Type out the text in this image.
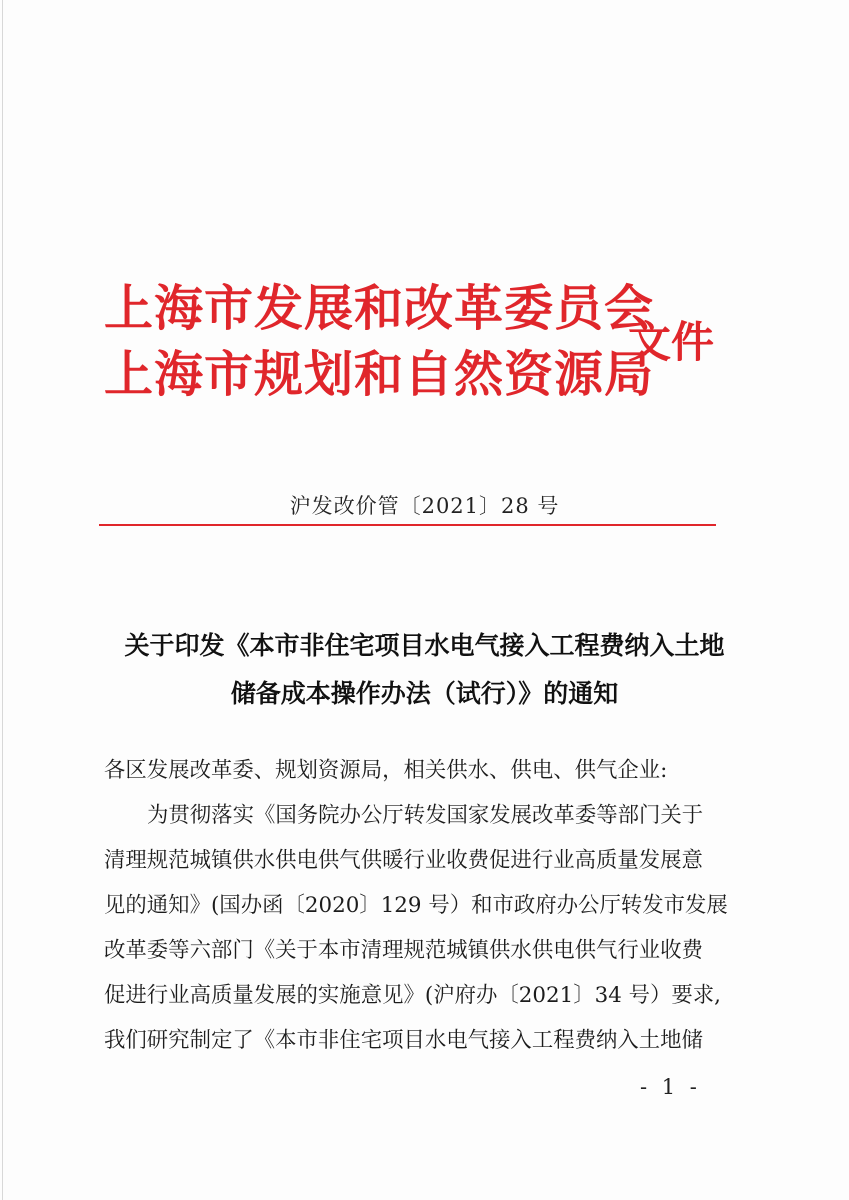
上海市发展和改革委员会
上海市规划和自然资源局
文件
沪发改价管〔2021〕28 号
关于印发《本市非住宅项目水电气接入工程费纳入土地
储备成本操作办法（试行）》的通知
各区发展改革委、规划资源局，相关供水、供电、供气企业:
为贯彻落实《国务院办公厅转发国家发展改革委等部门关于
清理规范城镇供水供电供气供暖行业收费促进行业高质量发展意
见的通知》(国办函〔2020〕129 号）和市政府办公厅转发市发展
改革委等六部门《关于本市清理规范城镇供水供电供气行业收费
促进行业高质量发展的实施意见》(沪府办〔2021〕34 号）要求,
我们研究制定了《本市非住宅项目水电气接入工程费纳入土地储
- 1 -
